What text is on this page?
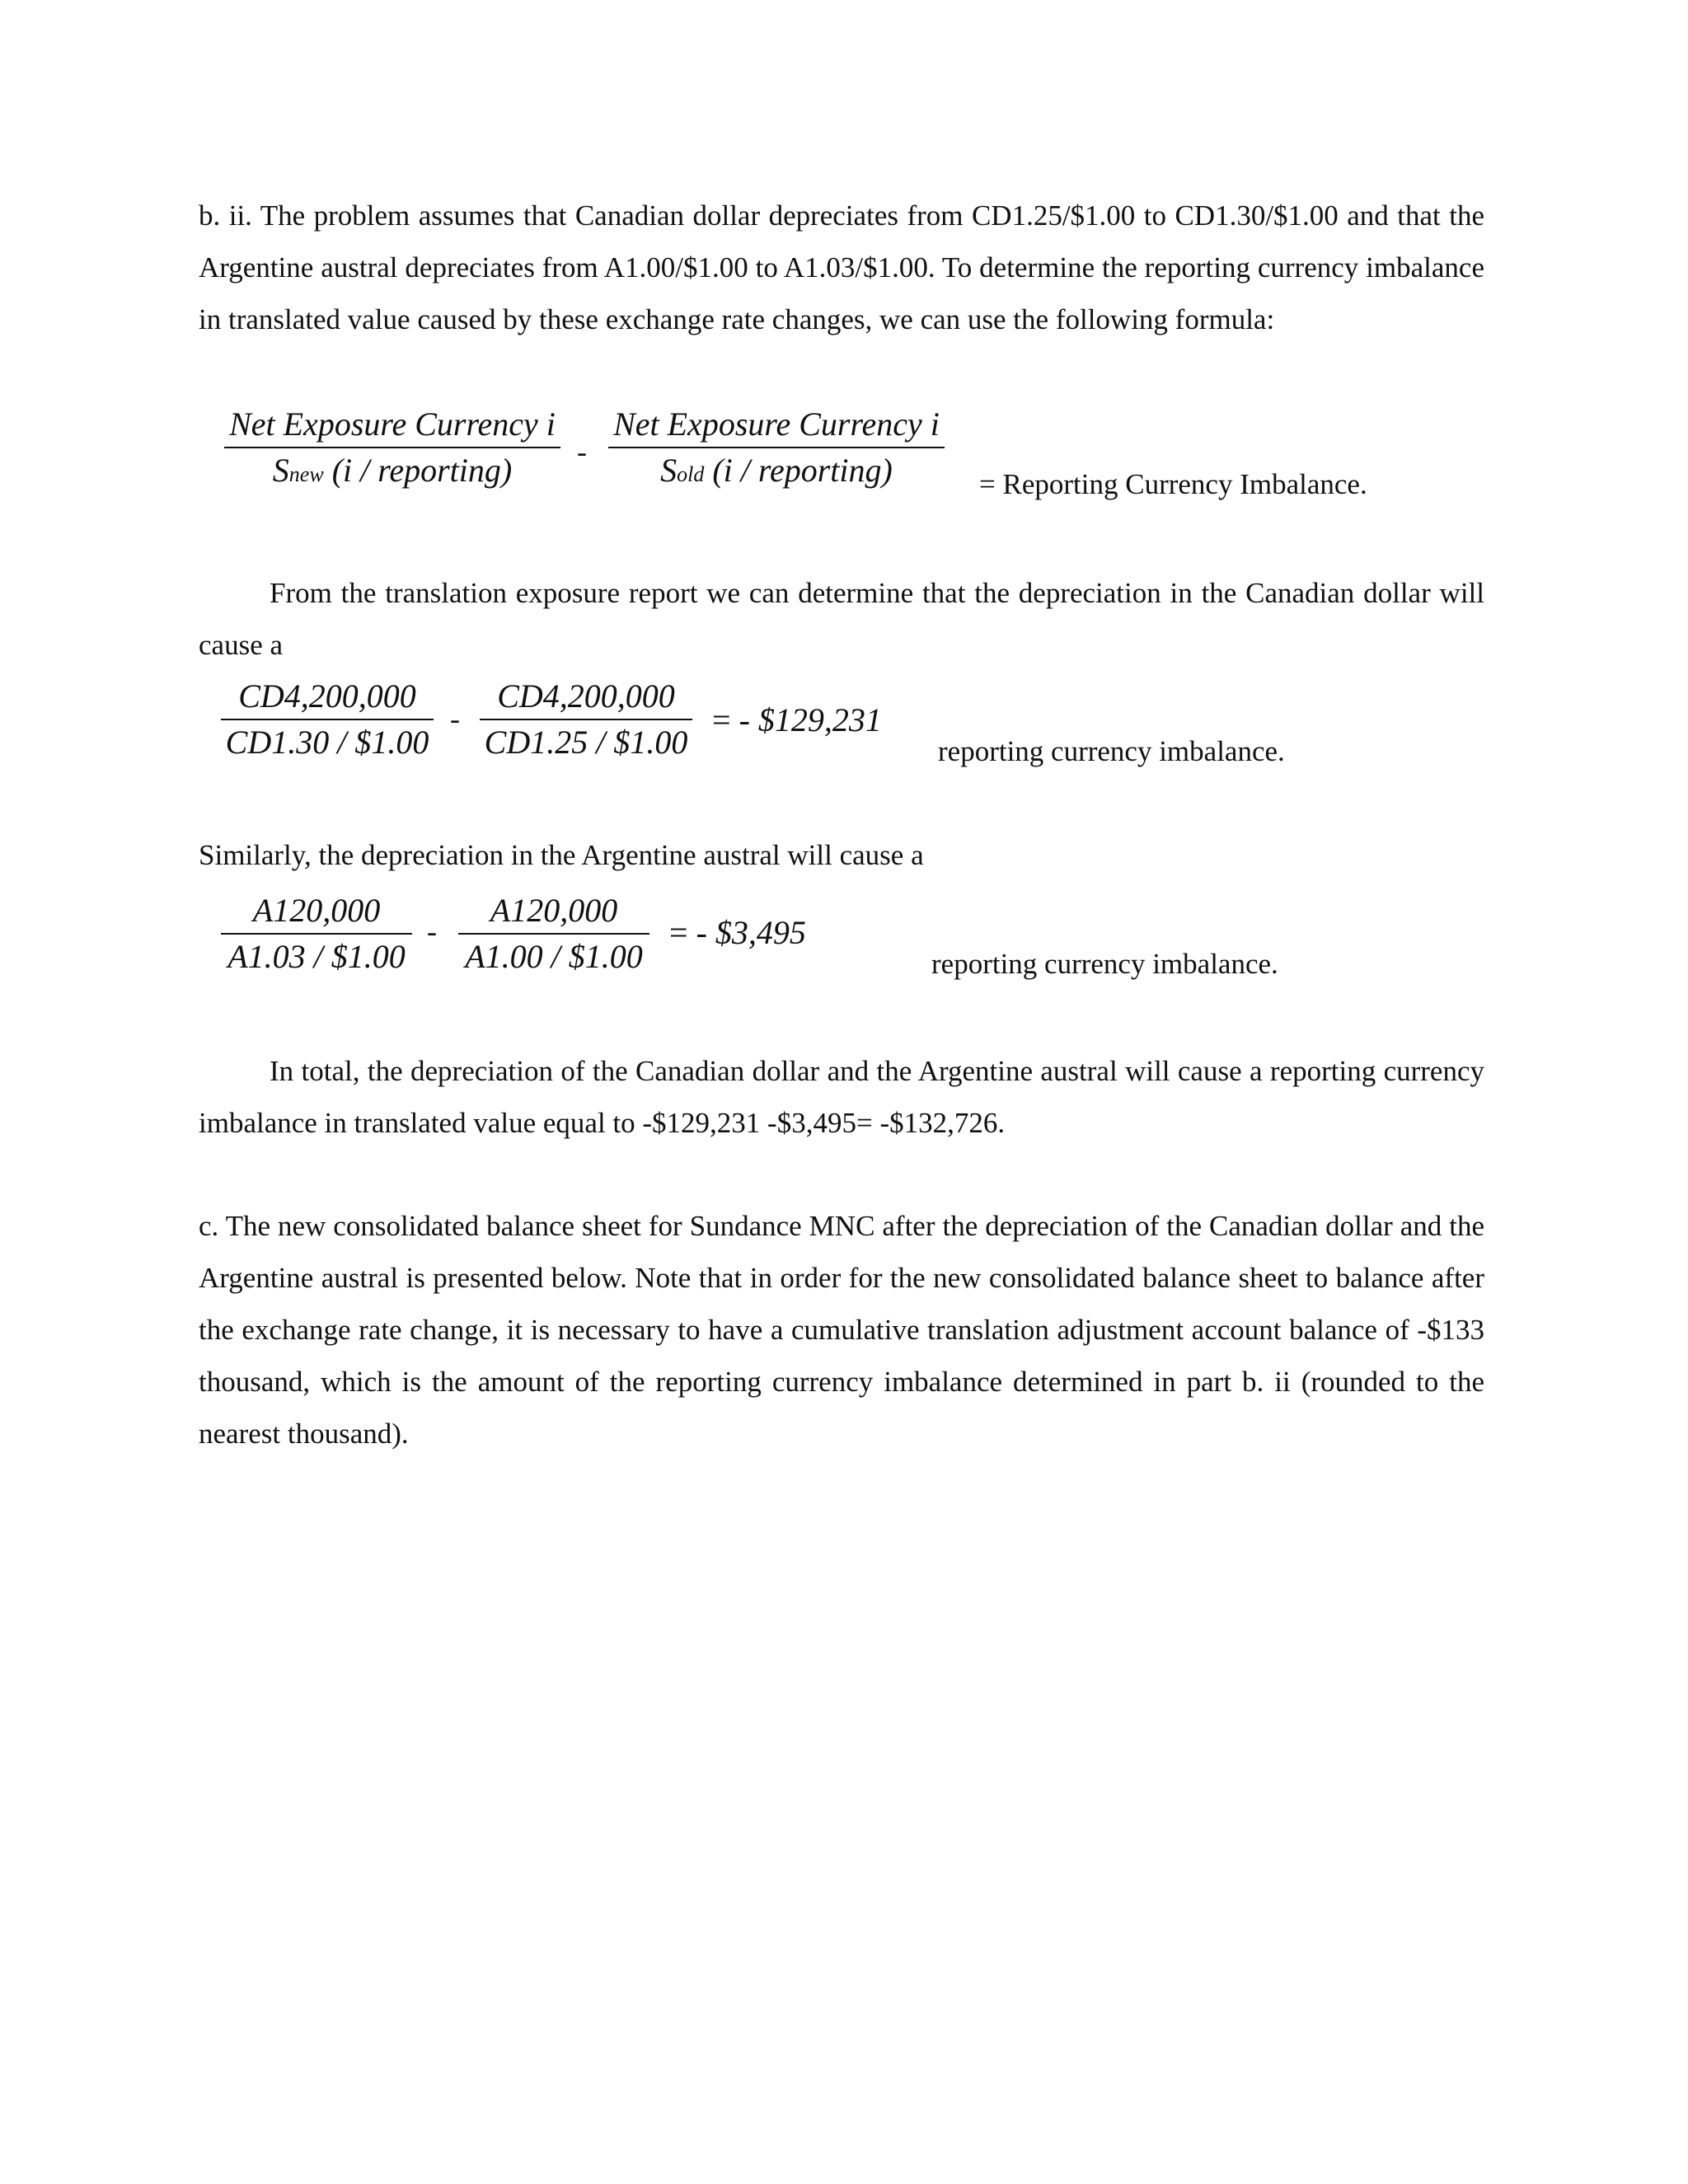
b. ii. The problem assumes that Canadian dollar depreciates from CD1.25/$1.00 to CD1.30/$1.00 and that the Argentine austral depreciates from A1.00/$1.00 to A1.03/$1.00. To determine the reporting currency imbalance in translated value caused by these exchange rate changes, we can use the following formula:
Net Exposure Currency i
Snew (i / reporting)	-
Net Exposure Currency i
Sold (i / reporting)	= Reporting Currency Imbalance.
From the translation exposure report we can determine that the depreciation in the Canadian dollar will cause a
$\frac{CD4,200,000}{CD1.30 / \$1.00} - \frac{CD4,200,000}{CD1.25 / \$1.00}$ = - $129,231
reporting currency imbalance.
Similarly, the depreciation in the Argentine austral will cause a
$\frac{A120,000}{A1.03 / \$1.00} - \frac{A120,000}{A1.00 / \$1.00}$ = - $3,495
reporting currency imbalance.
In total, the depreciation of the Canadian dollar and the Argentine austral will cause a reporting currency imbalance in translated value equal to -$129,231 -$3,495= -$132,726.
c. The new consolidated balance sheet for Sundance MNC after the depreciation of the Canadian dollar and the Argentine austral is presented below. Note that in order for the new consolidated balance sheet to balance after the exchange rate change, it is necessary to have a cumulative translation adjustment account balance of -$133 thousand, which is the amount of the reporting currency imbalance determined in part b. ii (rounded to the nearest thousand).
